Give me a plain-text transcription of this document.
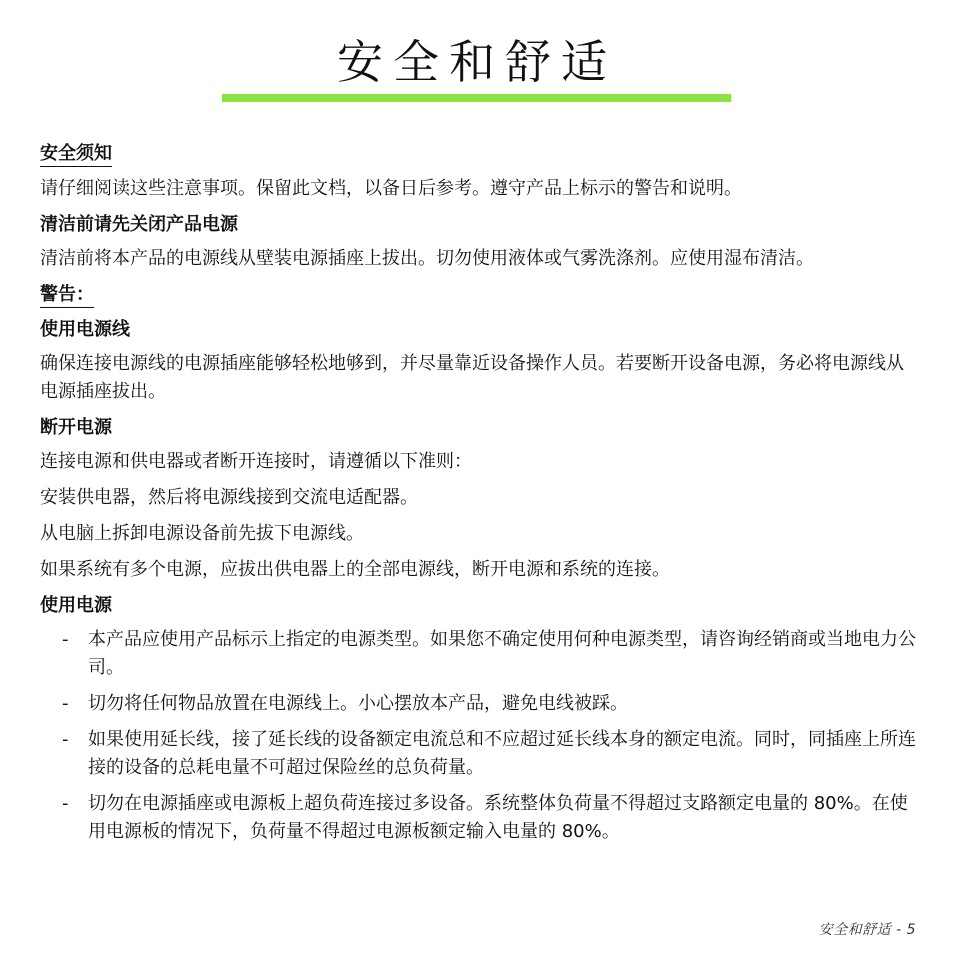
安全和舒适
安全须知
请仔细阅读这些注意事项。保留此文档，以备日后参考。遵守产品上标示的警告和说明。
清洁前请先关闭产品电源
清洁前将本产品的电源线从壁装电源插座上拔出。切勿使用液体或气雾洗涤剂。应使用湿布清洁。
警告：
使用电源线
确保连接电源线的电源插座能够轻松地够到，并尽量靠近设备操作人员。若要断开设备电源，务必将电源线从电源插座拔出。
断开电源
连接电源和供电器或者断开连接时，请遵循以下准则：
安装供电器，然后将电源线接到交流电适配器。
从电脑上拆卸电源设备前先拔下电源线。
如果系统有多个电源，应拔出供电器上的全部电源线，断开电源和系统的连接。
使用电源
- 本产品应使用产品标示上指定的电源类型。如果您不确定使用何种电源类型，请咨询经销商或当地电力公司。
- 切勿将任何物品放置在电源线上。小心摆放本产品，避免电线被踩。
- 如果使用延长线，接了延长线的设备额定电流总和不应超过延长线本身的额定电流。同时，同插座上所连接的设备的总耗电量不可超过保险丝的总负荷量。
- 切勿在电源插座或电源板上超负荷连接过多设备。系统整体负荷量不得超过支路额定电量的 80%。在使用电源板的情况下，负荷量不得超过电源板额定输入电量的 80%。
安全和舒适 - 5
